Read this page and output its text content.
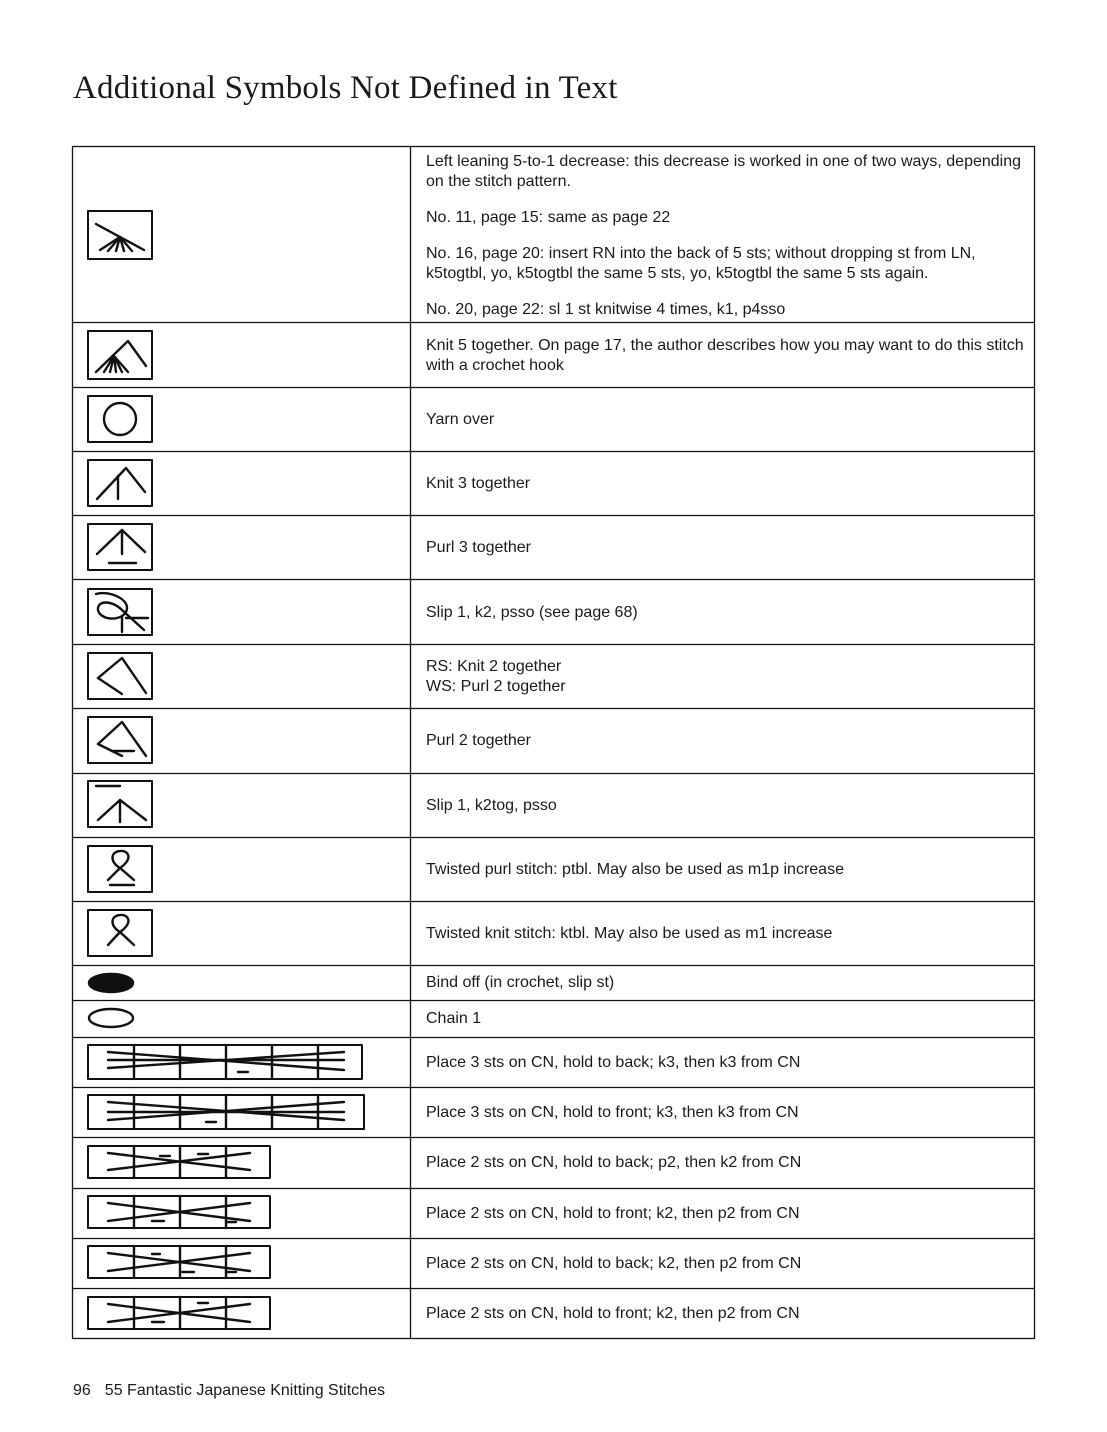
Additional Symbols Not Defined in Text

Left leaning 5-to-1 decrease: this decrease is worked in one of two ways, depending on the stitch pattern.

No. 11, page 15: same as page 22

No. 16, page 20: insert RN into the back of 5 sts; without dropping st from LN, k5togtbl, yo, k5togtbl the same 5 sts, yo, k5togtbl the same 5 sts again.

No. 20, page 22: sl 1 st knitwise 4 times, k1, p4sso

Knit 5 together. On page 17, the author describes how you may want to do this stitch with a crochet hook

Yarn over

Knit 3 together

Purl 3 together

Slip 1, k2, psso (see page 68)

RS: Knit 2 together

WS: Purl 2 together

Purl 2 together

Slip 1, k2tog, psso

Twisted purl stitch: ptbl. May also be used as m1p increase

Twisted knit stitch: ktbl. May also be used as m1 increase

Bind off (in crochet, slip st)

Chain 1

Place 3 sts on CN, hold to back; k3, then k3 from CN

Place 3 sts on CN, hold to front; k3, then k3 from CN

Place 2 sts on CN, hold to back; p2, then k2 from CN

Place 2 sts on CN, hold to front; k2, then p2 from CN

Place 2 sts on CN, hold to back; k2, then p2 from CN

Place 2 sts on CN, hold to front; k2, then p2 from CN

96 55 Fantastic Japanese Knitting Stitches
